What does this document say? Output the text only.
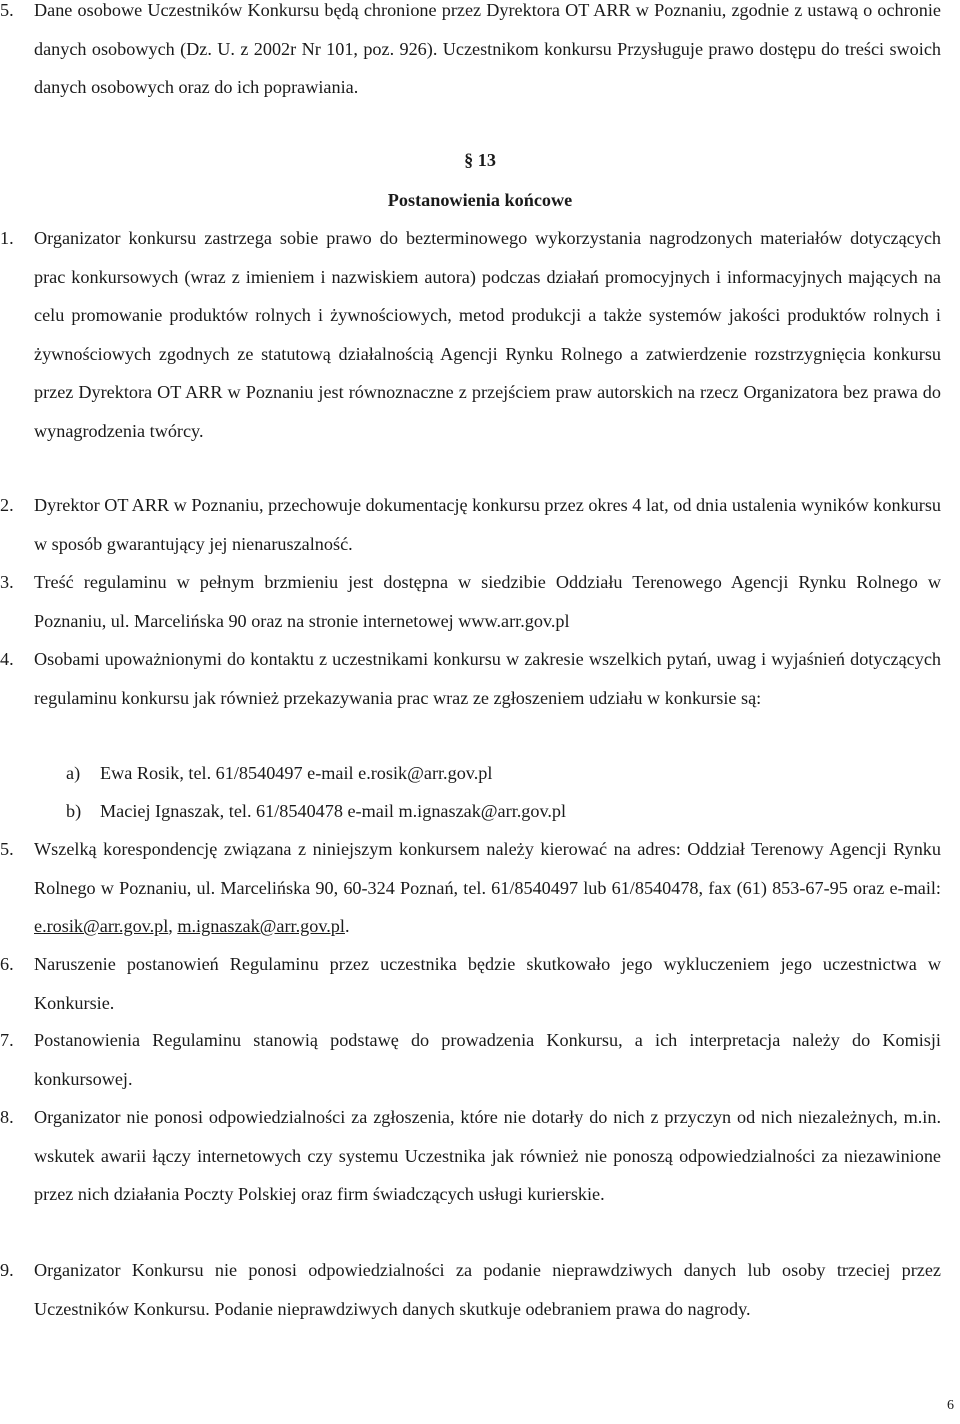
5. Dane osobowe Uczestników Konkursu będą chronione przez Dyrektora OT ARR w Poznaniu, zgodnie z ustawą o ochronie danych osobowych (Dz. U. z 2002r Nr 101, poz. 926). Uczestnikom konkursu Przysługuje prawo dostępu do treści swoich danych osobowych oraz do ich poprawiania.
§ 13
Postanowienia końcowe
1. Organizator konkursu zastrzega sobie prawo do bezterminowego wykorzystania nagrodzonych materiałów dotyczących prac konkursowych (wraz z imieniem i nazwiskiem autora) podczas działań promocyjnych i informacyjnych mających na celu promowanie produktów rolnych i żywnościowych, metod produkcji a także systemów jakości produktów rolnych i żywnościowych zgodnych ze statutową działalnością Agencji Rynku Rolnego a zatwierdzenie rozstrzygnięcia konkursu przez Dyrektora OT ARR w Poznaniu jest równoznaczne z przejściem praw autorskich na rzecz Organizatora bez prawa do wynagrodzenia twórcy.
2. Dyrektor OT ARR w Poznaniu, przechowuje dokumentację konkursu przez okres 4 lat, od dnia ustalenia wyników konkursu w sposób gwarantujący jej nienaruszalność.
3. Treść regulaminu w pełnym brzmieniu jest dostępna w siedzibie Oddziału Terenowego Agencji Rynku Rolnego w Poznaniu, ul. Marcelińska 90 oraz na stronie internetowej www.arr.gov.pl
4. Osobami upoważnionymi do kontaktu z uczestnikami konkursu w zakresie wszelkich pytań, uwag i wyjaśnień dotyczących regulaminu konkursu jak również przekazywania prac wraz ze zgłoszeniem udziału w konkursie są:
a) Ewa Rosik, tel. 61/8540497 e-mail e.rosik@arr.gov.pl
b) Maciej Ignaszak, tel. 61/8540478 e-mail m.ignaszak@arr.gov.pl
5. Wszelką korespondencję związana z niniejszym konkursem należy kierować na adres: Oddział Terenowy Agencji Rynku Rolnego w Poznaniu, ul. Marcelińska 90, 60-324 Poznań, tel. 61/8540497 lub 61/8540478, fax (61) 853-67-95 oraz e-mail: e.rosik@arr.gov.pl, m.ignaszak@arr.gov.pl.
6. Naruszenie postanowień Regulaminu przez uczestnika będzie skutkowało jego wykluczeniem jego uczestnictwa w Konkursie.
7. Postanowienia Regulaminu stanowią podstawę do prowadzenia Konkursu, a ich interpretacja należy do Komisji konkursowej.
8. Organizator nie ponosi odpowiedzialności za zgłoszenia, które nie dotarły do nich z przyczyn od nich niezależnych, m.in. wskutek awarii łączy internetowych czy systemu Uczestnika jak również nie ponoszą odpowiedzialności za niezawinione przez nich działania Poczty Polskiej oraz firm świadczących usługi kurierskie.
9. Organizator Konkursu nie ponosi odpowiedzialności za podanie nieprawdziwych danych lub osoby trzeciej przez Uczestników Konkursu. Podanie nieprawdziwych danych skutkuje odebraniem prawa do nagrody.
6
